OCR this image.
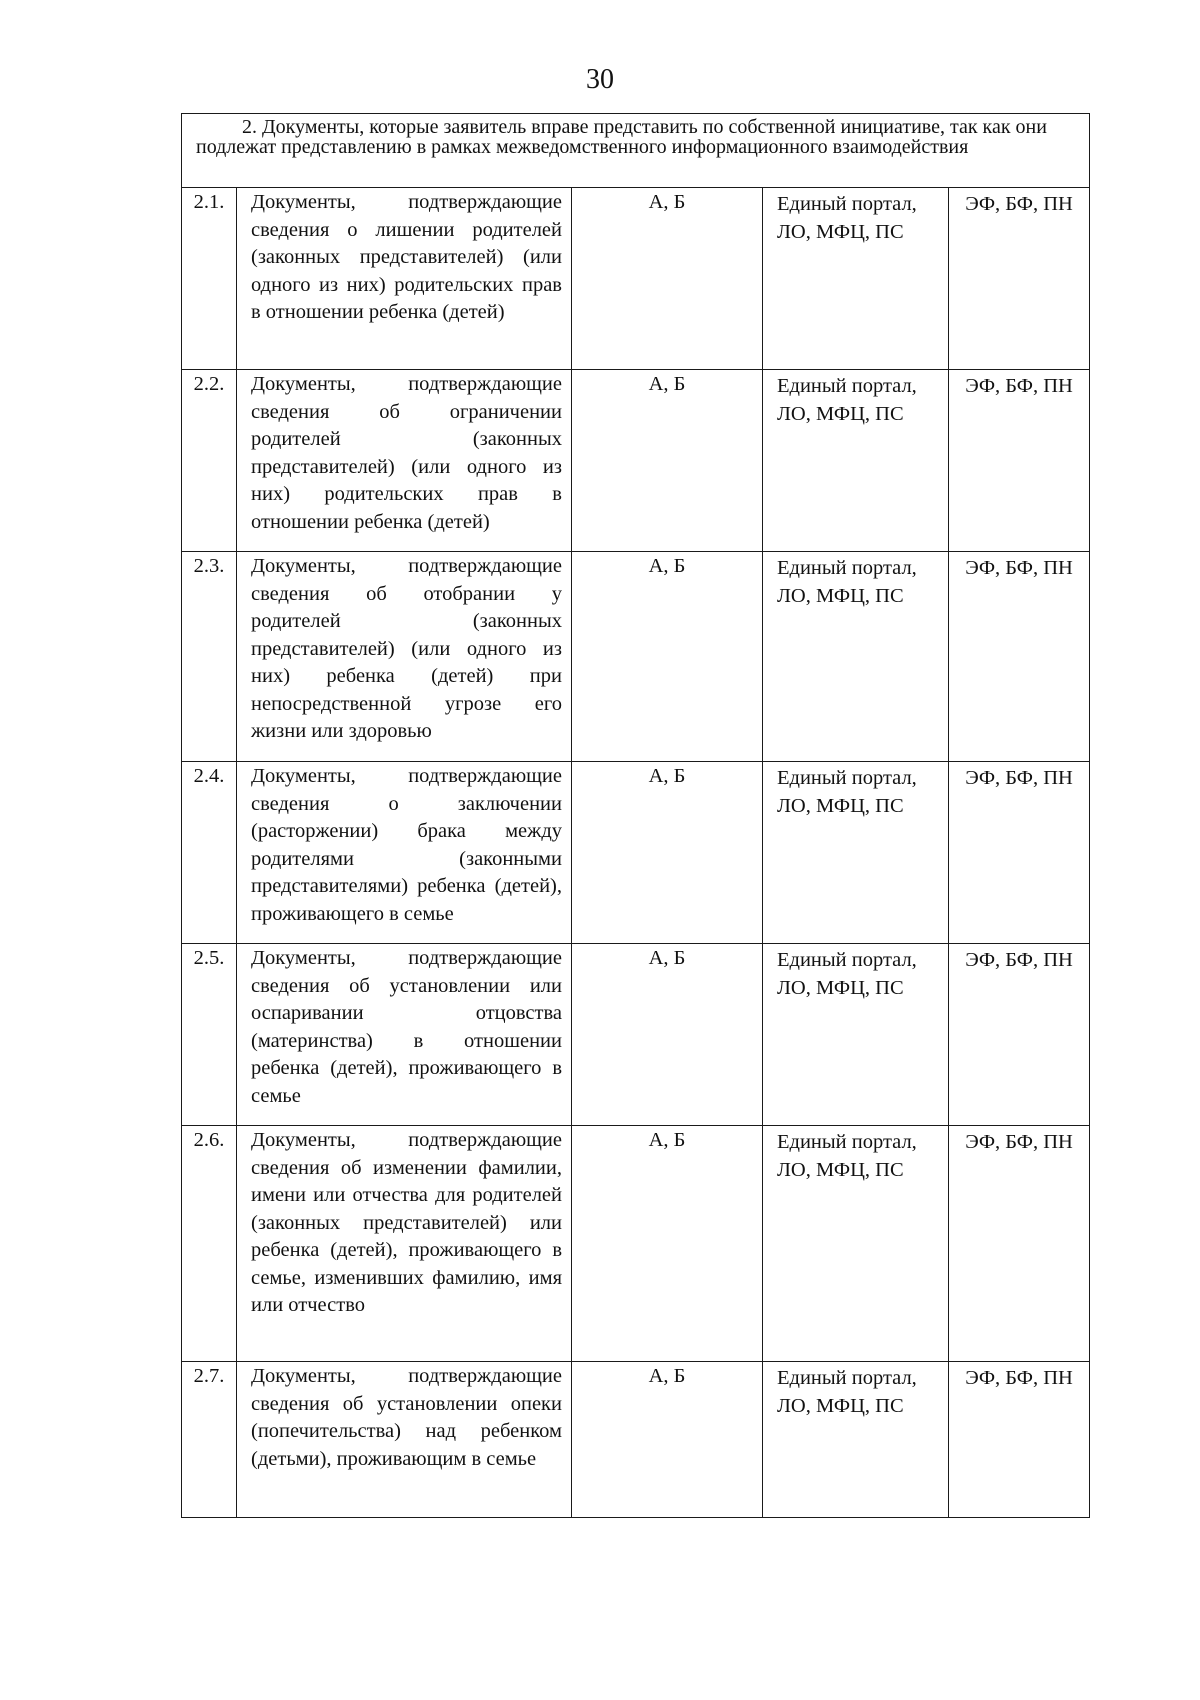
30
2. Документы, которые заявитель вправе представить по собственной инициативе, так как они подлежат представлению в рамках межведомственного информационного взаимодействия				

2.1.	Документы, подтверждающие сведения о лишении родителей (законных представителей) (или одного из них) родительских прав в отношении ребенка (детей)	А, Б	Единый портал, ЛО, МФЦ, ПС	ЭФ, БФ, ПН
2.2.	Документы, подтверждающие сведения об ограничении родителей (законных представителей) (или одного из них) родительских прав в отношении ребенка (детей)	А, Б	Единый портал, ЛО, МФЦ, ПС	ЭФ, БФ, ПН
2.3.	Документы, подтверждающие сведения об отобрании у родителей (законных представителей) (или одного из них) ребенка (детей) при непосредственной угрозе его жизни или здоровью	А, Б	Единый портал, ЛО, МФЦ, ПС	ЭФ, БФ, ПН
2.4.	Документы, подтверждающие сведения о заключении (расторжении) брака между родителями (законными представителями) ребенка (детей), проживающего в семье	А, Б	Единый портал, ЛО, МФЦ, ПС	ЭФ, БФ, ПН
2.5.	Документы, подтверждающие сведения об установлении или оспаривании отцовства (материнства) в отношении ребенка (детей), проживающего в семье	А, Б	Единый портал, ЛО, МФЦ, ПС	ЭФ, БФ, ПН
2.6.	Документы, подтверждающие сведения об изменении фамилии, имени или отчества для родителей (законных представителей) или ребенка (детей), проживающего в семье, изменивших фамилию, имя или отчество	А, Б	Единый портал, ЛО, МФЦ, ПС	ЭФ, БФ, ПН
2.7.	Документы, подтверждающие сведения об установлении опеки (попечительства) над ребенком (детьми), проживающим в семье	А, Б	Единый портал, ЛО, МФЦ, ПС	ЭФ, БФ, ПН
